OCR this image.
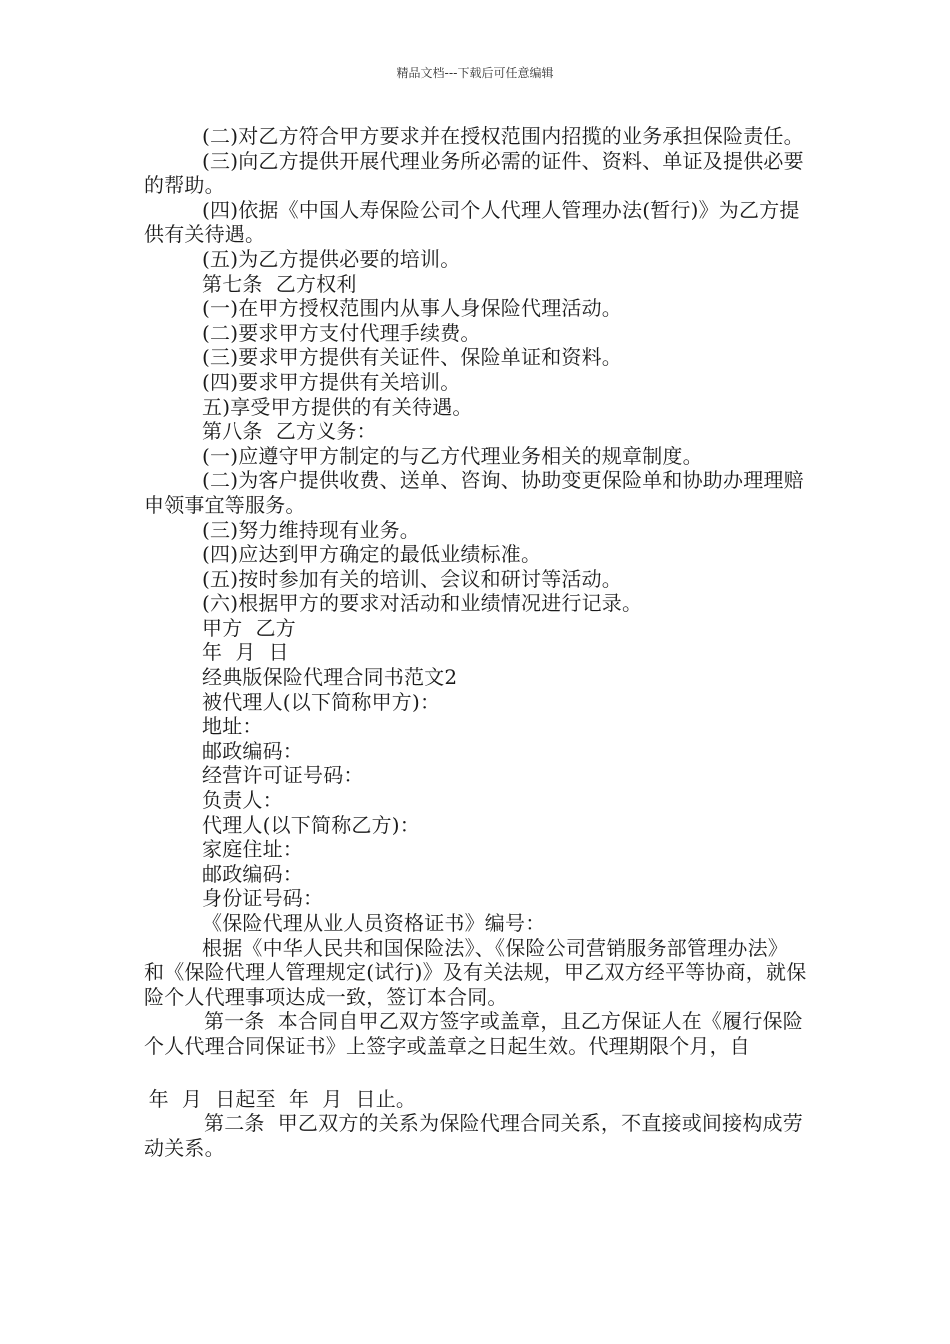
精品文档---下载后可任意编辑

(二)对乙方符合甲方要求并在授权范围内招揽的业务承担保险责任。

(三)向乙方提供开展代理业务所必需的证件、资料、单证及提供必要的帮助。

(四)依据《中国人寿保险公司个人代理人管理办法(暂行)》为乙方提供有关待遇。

(五)为乙方提供必要的培训。

第七条  乙方权利

(一)在甲方授权范围内从事人身保险代理活动。

(二)要求甲方支付代理手续费。

(三)要求甲方提供有关证件、保险单证和资料。

(四)要求甲方提供有关培训。

五)享受甲方提供的有关待遇。

第八条  乙方义务：

(一)应遵守甲方制定的与乙方代理业务相关的规章制度。

(二)为客户提供收费、送单、咨询、协助变更保险单和协助办理理赔申领事宜等服务。

(三)努力维持现有业务。

(四)应达到甲方确定的最低业绩标准。

(五)按时参加有关的培训、会议和研讨等活动。

(六)根据甲方的要求对活动和业绩情况进行记录。

甲方  乙方

年  月  日

经典版保险代理合同书范文2

被代理人(以下简称甲方)：

地址：

邮政编码：

经营许可证号码：

负责人：

代理人(以下简称乙方)：

家庭住址：

邮政编码：

身份证号码：

《保险代理从业人员资格证书》编号：

根据《中华人民共和国保险法》、《保险公司营销服务部管理办法》和《保险代理人管理规定(试行)》及有关法规，甲乙双方经平等协商，就保险个人代理事项达成一致，签订本合同。

第一条  本合同自甲乙双方签字或盖章，且乙方保证人在《履行保险个人代理合同保证书》上签字或盖章之日起生效。代理期限个月，自

年  月  日起至  年  月  日止。

第二条  甲乙双方的关系为保险代理合同关系，不直接或间接构成劳动关系。
